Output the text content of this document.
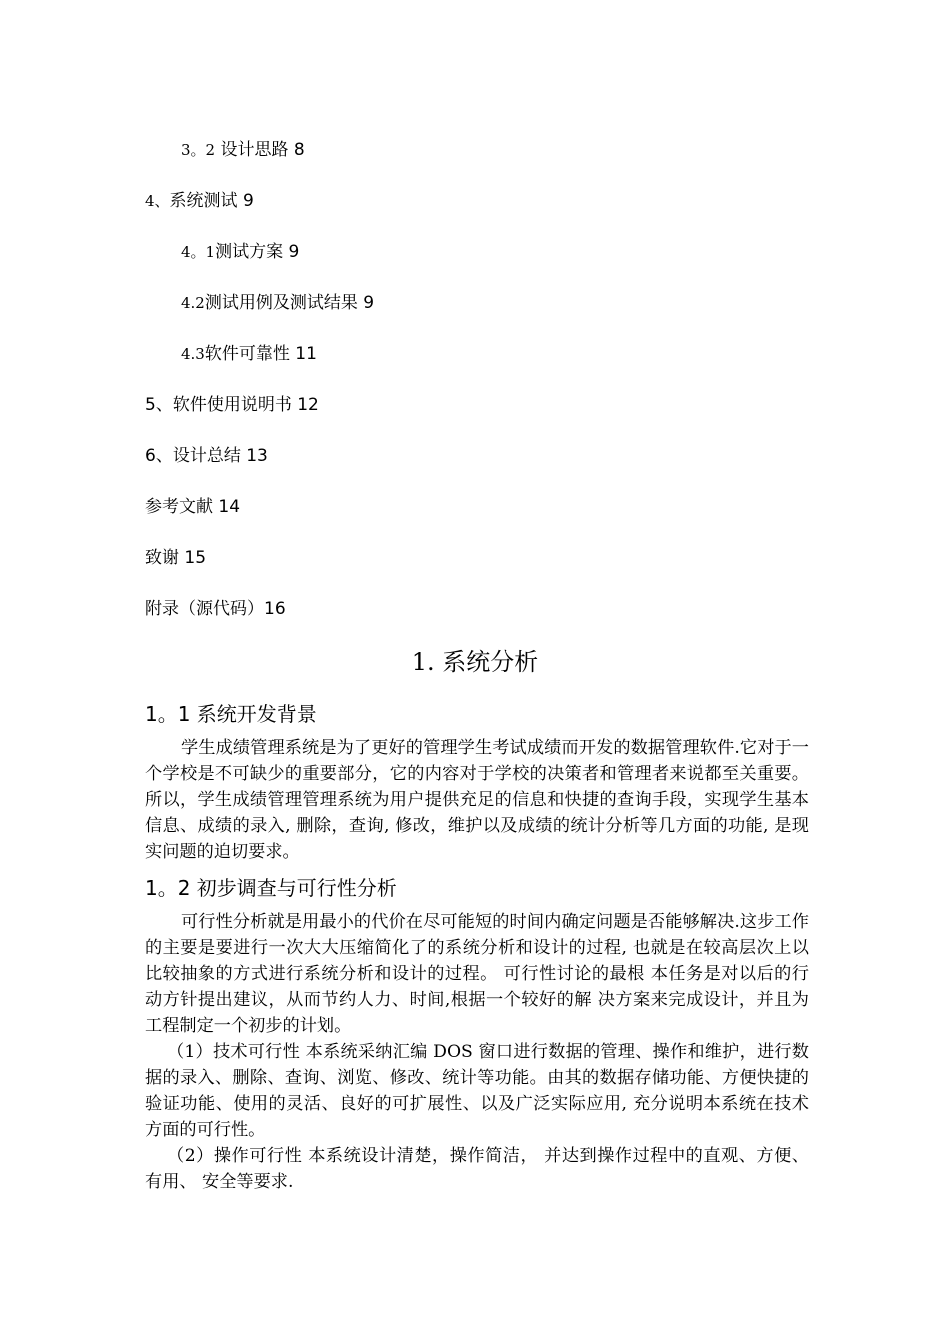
3。2 设计思路 8
4、系统测试 9
4。1测试方案 9
4.2测试用例及测试结果 9
4.3软件可靠性 11
5、软件使用说明书 12
6、设计总结 13
参考文献 14
致谢 15
附录（源代码）16
1. 系统分析
1。1 系统开发背景
学生成绩管理系统是为了更好的管理学生考试成绩而开发的数据管理软件.它对于一个学校是不可缺少的重要部分，它的内容对于学校的决策者和管理者来说都至关重要。所以，学生成绩管理管理系统为用户提供充足的信息和快捷的查询手段，实现学生基本信息、成绩的录入, 删除，查询, 修改，维护以及成绩的统计分析等几方面的功能, 是现实问题的迫切要求。
1。2 初步调查与可行性分析
可行性分析就是用最小的代价在尽可能短的时间内确定问题是否能够解决.这步工作的主要是要进行一次大大压缩简化了的系统分析和设计的过程, 也就是在较高层次上以比较抽象的方式进行系统分析和设计的过程。 可行性讨论的最根 本任务是对以后的行动方针提出建议，从而节约人力、时间,根据一个较好的解 决方案来完成设计，并且为工程制定一个初步的计划。
（1）技术可行性 本系统采纳汇编 DOS 窗口进行数据的管理、操作和维护，进行数据的录入、删除、查询、浏览、修改、统计等功能。由其的数据存储功能、方便快捷的验证功能、使用的灵活、良好的可扩展性、以及广泛实际应用, 充分说明本系统在技术方面的可行性。
（2）操作可行性 本系统设计清楚，操作简洁， 并达到操作过程中的直观、方便、 有用、 安全等要求.
